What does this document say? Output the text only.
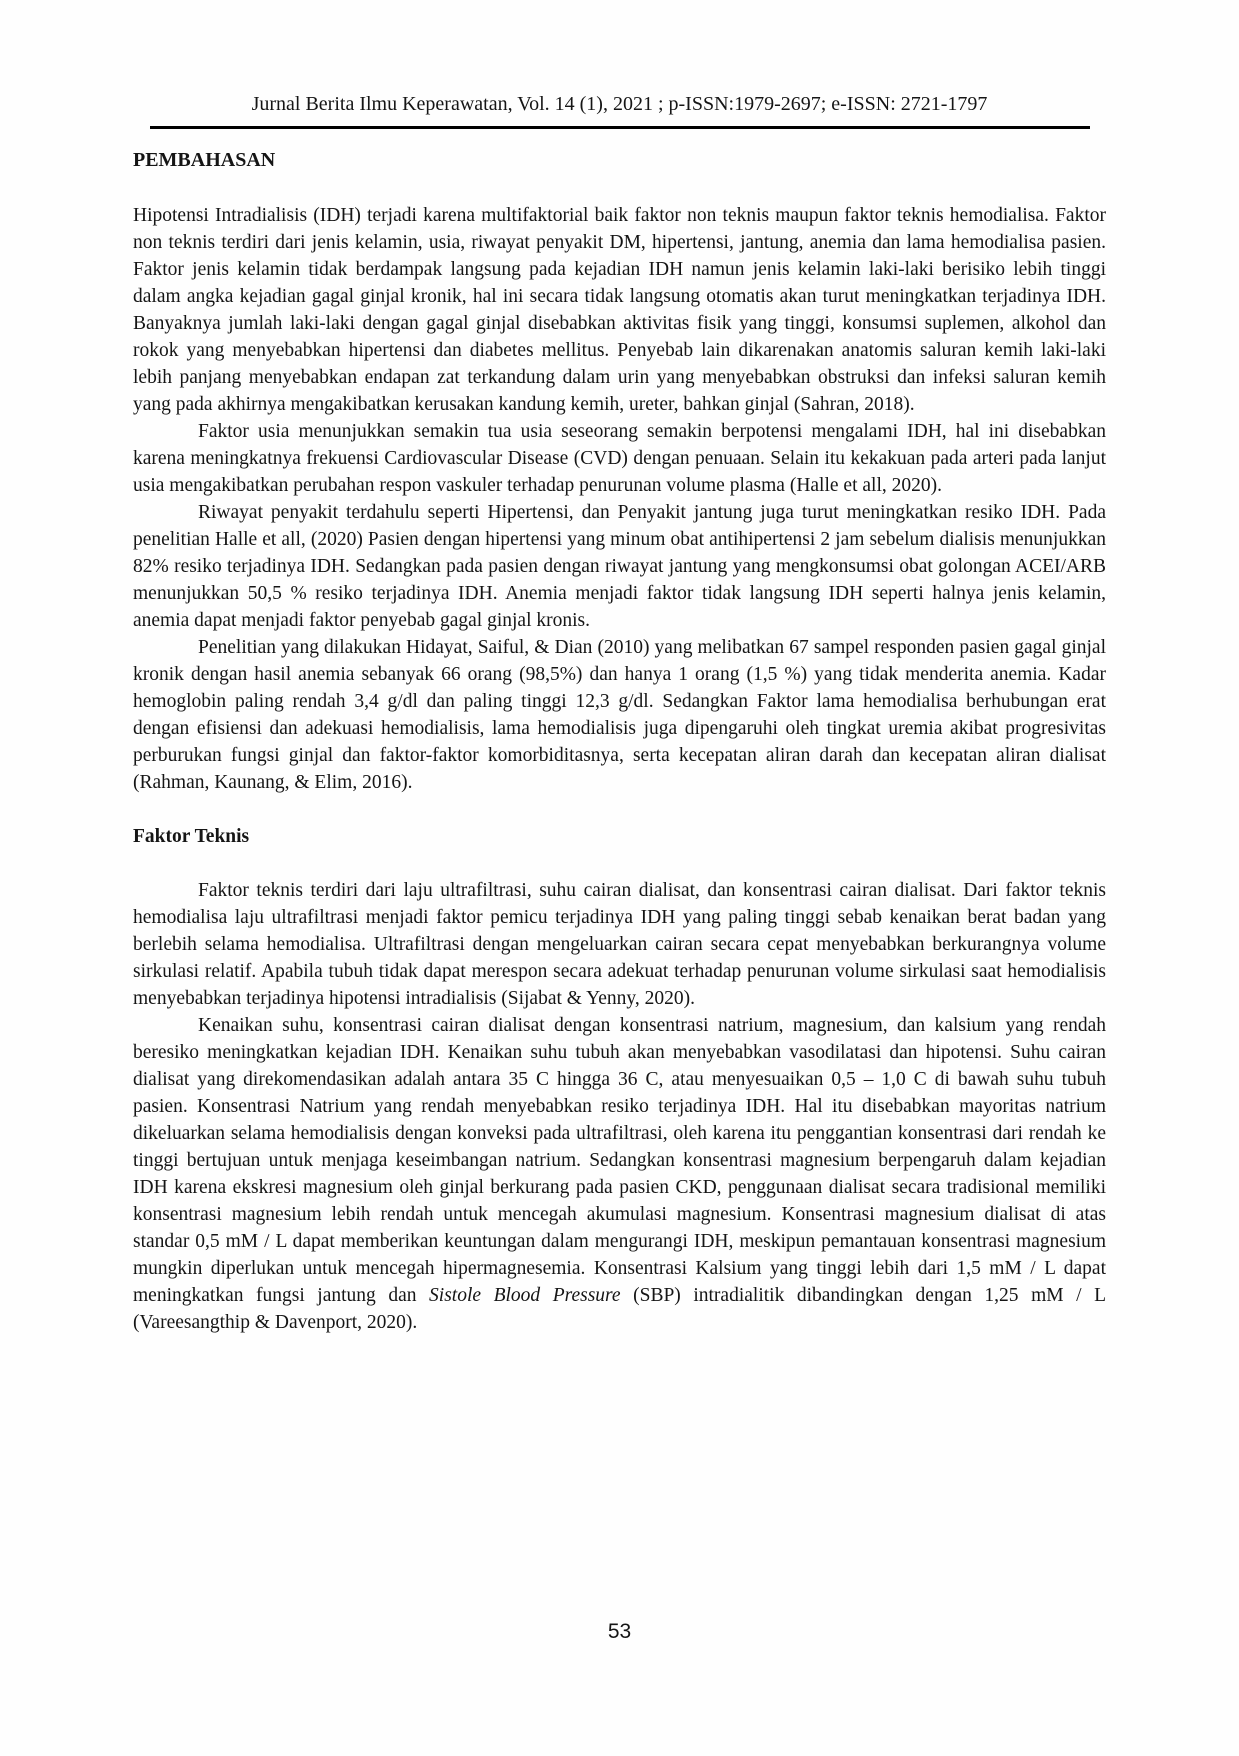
Jurnal Berita Ilmu Keperawatan, Vol. 14 (1), 2021 ; p-ISSN:1979-2697; e-ISSN: 2721-1797
PEMBAHASAN

Hipotensi Intradialisis (IDH) terjadi karena multifaktorial baik faktor non teknis maupun faktor teknis hemodialisa. Faktor non teknis terdiri dari jenis kelamin, usia, riwayat penyakit DM, hipertensi, jantung, anemia dan lama hemodialisa pasien. Faktor jenis kelamin tidak berdampak langsung pada kejadian IDH namun jenis kelamin laki-laki berisiko lebih tinggi dalam angka kejadian gagal ginjal kronik, hal ini secara tidak langsung otomatis akan turut meningkatkan terjadinya IDH. Banyaknya jumlah laki-laki dengan gagal ginjal disebabkan aktivitas fisik yang tinggi, konsumsi suplemen, alkohol dan rokok yang menyebabkan hipertensi dan diabetes mellitus. Penyebab lain dikarenakan anatomis saluran kemih laki-laki lebih panjang menyebabkan endapan zat terkandung dalam urin yang menyebabkan obstruksi dan infeksi saluran kemih yang pada akhirnya mengakibatkan kerusakan kandung kemih, ureter, bahkan ginjal (Sahran, 2018).

Faktor usia menunjukkan semakin tua usia seseorang semakin berpotensi mengalami IDH, hal ini disebabkan karena meningkatnya frekuensi Cardiovascular Disease (CVD) dengan penuaan. Selain itu kekakuan pada arteri pada lanjut usia mengakibatkan perubahan respon vaskuler terhadap penurunan volume plasma (Halle et all, 2020).

Riwayat penyakit terdahulu seperti Hipertensi, dan Penyakit jantung juga turut meningkatkan resiko IDH. Pada penelitian Halle et all, (2020) Pasien dengan hipertensi yang minum obat antihipertensi 2 jam sebelum dialisis menunjukkan 82% resiko terjadinya IDH. Sedangkan pada pasien dengan riwayat jantung yang mengkonsumsi obat golongan ACEI/ARB menunjukkan 50,5 % resiko terjadinya IDH. Anemia menjadi faktor tidak langsung IDH seperti halnya jenis kelamin, anemia dapat menjadi faktor penyebab gagal ginjal kronis.

Penelitian yang dilakukan Hidayat, Saiful, & Dian (2010) yang melibatkan 67 sampel responden pasien gagal ginjal kronik dengan hasil anemia sebanyak 66 orang (98,5%) dan hanya 1 orang (1,5 %) yang tidak menderita anemia. Kadar hemoglobin paling rendah 3,4 g/dl dan paling tinggi 12,3 g/dl. Sedangkan Faktor lama hemodialisa berhubungan erat dengan efisiensi dan adekuasi hemodialisis, lama hemodialisis juga dipengaruhi oleh tingkat uremia akibat progresivitas perburukan fungsi ginjal dan faktor-faktor komorbiditasnya, serta kecepatan aliran darah dan kecepatan aliran dialisat (Rahman, Kaunang, & Elim, 2016).

Faktor Teknis

Faktor teknis terdiri dari laju ultrafiltrasi, suhu cairan dialisat, dan konsentrasi cairan dialisat. Dari faktor teknis hemodialisa laju ultrafiltrasi menjadi faktor pemicu terjadinya IDH yang paling tinggi sebab kenaikan berat badan yang berlebih selama hemodialisa. Ultrafiltrasi dengan mengeluarkan cairan secara cepat menyebabkan berkurangnya volume sirkulasi relatif. Apabila tubuh tidak dapat merespon secara adekuat terhadap penurunan volume sirkulasi saat hemodialisis menyebabkan terjadinya hipotensi intradialisis (Sijabat & Yenny, 2020).

Kenaikan suhu, konsentrasi cairan dialisat dengan konsentrasi natrium, magnesium, dan kalsium yang rendah beresiko meningkatkan kejadian IDH. Kenaikan suhu tubuh akan menyebabkan vasodilatasi dan hipotensi. Suhu cairan dialisat yang direkomendasikan adalah antara 35 C hingga 36 C, atau menyesuaikan 0,5 – 1,0 C di bawah suhu tubuh pasien. Konsentrasi Natrium yang rendah menyebabkan resiko terjadinya IDH. Hal itu disebabkan mayoritas natrium dikeluarkan selama hemodialisis dengan konveksi pada ultrafiltrasi, oleh karena itu penggantian konsentrasi dari rendah ke tinggi bertujuan untuk menjaga keseimbangan natrium. Sedangkan konsentrasi magnesium berpengaruh dalam kejadian IDH karena ekskresi magnesium oleh ginjal berkurang pada pasien CKD, penggunaan dialisat secara tradisional memiliki konsentrasi magnesium lebih rendah untuk mencegah akumulasi magnesium. Konsentrasi magnesium dialisat di atas standar 0,5 mM / L dapat memberikan keuntungan dalam mengurangi IDH, meskipun pemantauan konsentrasi magnesium mungkin diperlukan untuk mencegah hipermagnesemia. Konsentrasi Kalsium yang tinggi lebih dari 1,5 mM / L dapat meningkatkan fungsi jantung dan Sistole Blood Pressure (SBP) intradialitik dibandingkan dengan 1,25 mM / L (Vareesangthip & Davenport, 2020).

53
